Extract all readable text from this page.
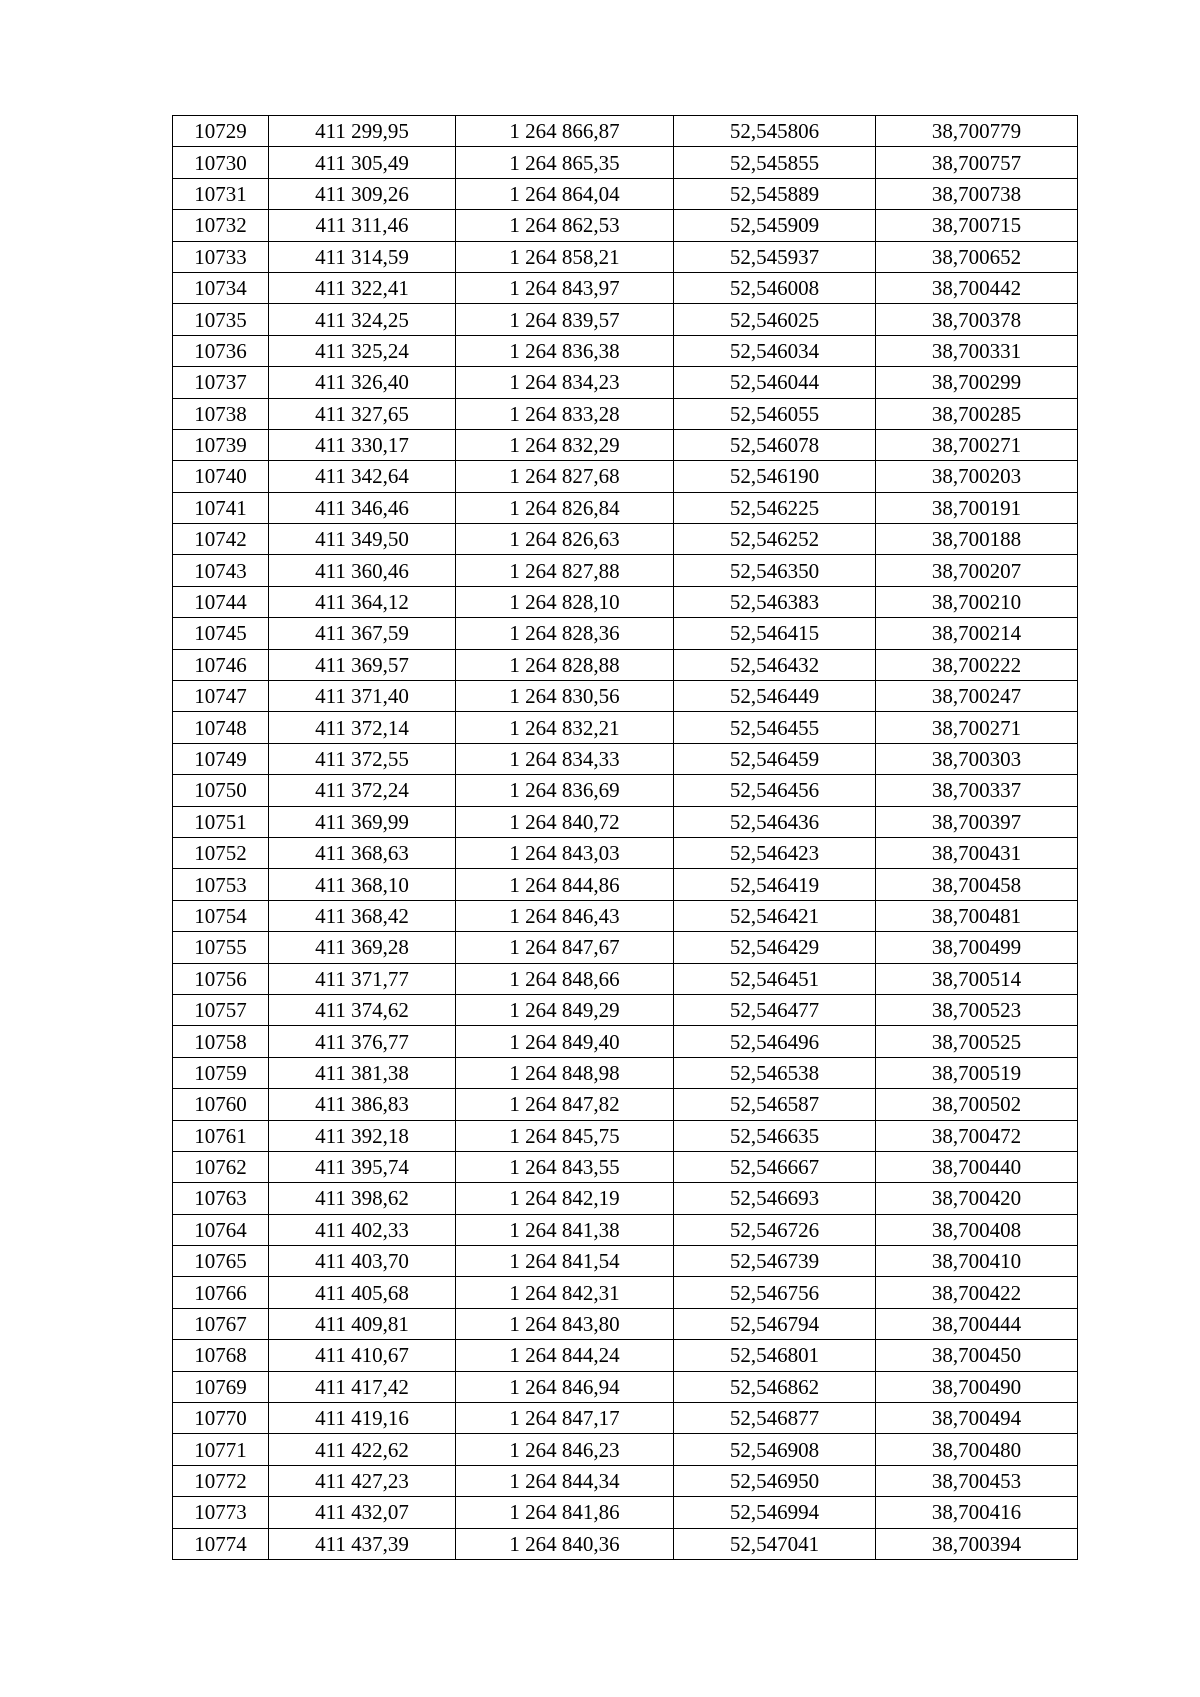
10729	411 299,95	1 264 866,87	52,545806	38,700779
10730	411 305,49	1 264 865,35	52,545855	38,700757
10731	411 309,26	1 264 864,04	52,545889	38,700738
10732	411 311,46	1 264 862,53	52,545909	38,700715
10733	411 314,59	1 264 858,21	52,545937	38,700652
10734	411 322,41	1 264 843,97	52,546008	38,700442
10735	411 324,25	1 264 839,57	52,546025	38,700378
10736	411 325,24	1 264 836,38	52,546034	38,700331
10737	411 326,40	1 264 834,23	52,546044	38,700299
10738	411 327,65	1 264 833,28	52,546055	38,700285
10739	411 330,17	1 264 832,29	52,546078	38,700271
10740	411 342,64	1 264 827,68	52,546190	38,700203
10741	411 346,46	1 264 826,84	52,546225	38,700191
10742	411 349,50	1 264 826,63	52,546252	38,700188
10743	411 360,46	1 264 827,88	52,546350	38,700207
10744	411 364,12	1 264 828,10	52,546383	38,700210
10745	411 367,59	1 264 828,36	52,546415	38,700214
10746	411 369,57	1 264 828,88	52,546432	38,700222
10747	411 371,40	1 264 830,56	52,546449	38,700247
10748	411 372,14	1 264 832,21	52,546455	38,700271
10749	411 372,55	1 264 834,33	52,546459	38,700303
10750	411 372,24	1 264 836,69	52,546456	38,700337
10751	411 369,99	1 264 840,72	52,546436	38,700397
10752	411 368,63	1 264 843,03	52,546423	38,700431
10753	411 368,10	1 264 844,86	52,546419	38,700458
10754	411 368,42	1 264 846,43	52,546421	38,700481
10755	411 369,28	1 264 847,67	52,546429	38,700499
10756	411 371,77	1 264 848,66	52,546451	38,700514
10757	411 374,62	1 264 849,29	52,546477	38,700523
10758	411 376,77	1 264 849,40	52,546496	38,700525
10759	411 381,38	1 264 848,98	52,546538	38,700519
10760	411 386,83	1 264 847,82	52,546587	38,700502
10761	411 392,18	1 264 845,75	52,546635	38,700472
10762	411 395,74	1 264 843,55	52,546667	38,700440
10763	411 398,62	1 264 842,19	52,546693	38,700420
10764	411 402,33	1 264 841,38	52,546726	38,700408
10765	411 403,70	1 264 841,54	52,546739	38,700410
10766	411 405,68	1 264 842,31	52,546756	38,700422
10767	411 409,81	1 264 843,80	52,546794	38,700444
10768	411 410,67	1 264 844,24	52,546801	38,700450
10769	411 417,42	1 264 846,94	52,546862	38,700490
10770	411 419,16	1 264 847,17	52,546877	38,700494
10771	411 422,62	1 264 846,23	52,546908	38,700480
10772	411 427,23	1 264 844,34	52,546950	38,700453
10773	411 432,07	1 264 841,86	52,546994	38,700416
10774	411 437,39	1 264 840,36	52,547041	38,700394
